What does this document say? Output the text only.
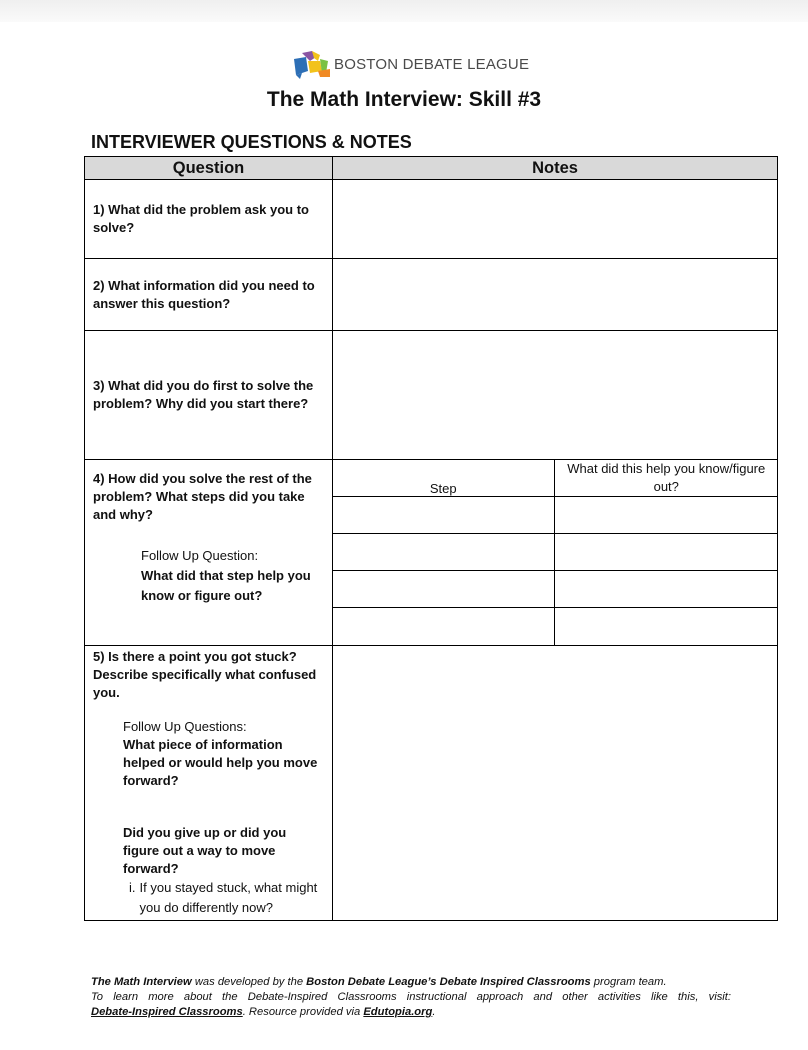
BOSTON DEBATE LEAGUE
The Math Interview: Skill #3
INTERVIEWER QUESTIONS & NOTES
Question	Notes
1) What did the problem ask you to solve?	
2) What information did you need to answer this question?	
3) What did you do first to solve the problem? Why did you start there?	

4) How did you solve the rest of the problem? What steps did you take and why?
Follow Up Question:
What did that step help you know or figure out?

Step	What did this help you know/figure out?

5) Is there a point you got stuck? Describe specifically what confused you.
Follow Up Questions:
What piece of information helped or would help you move forward?
Did you give up or did you figure out a way to move forward?
i. If you stayed stuck, what might you do differently now?

The Math Interview was developed by the Boston Debate League’s Debate Inspired Classrooms program team.
To learn more about the Debate-Inspired Classrooms instructional approach and other activities like this, visit:
Debate-Inspired Classrooms. Resource provided via Edutopia.org.
